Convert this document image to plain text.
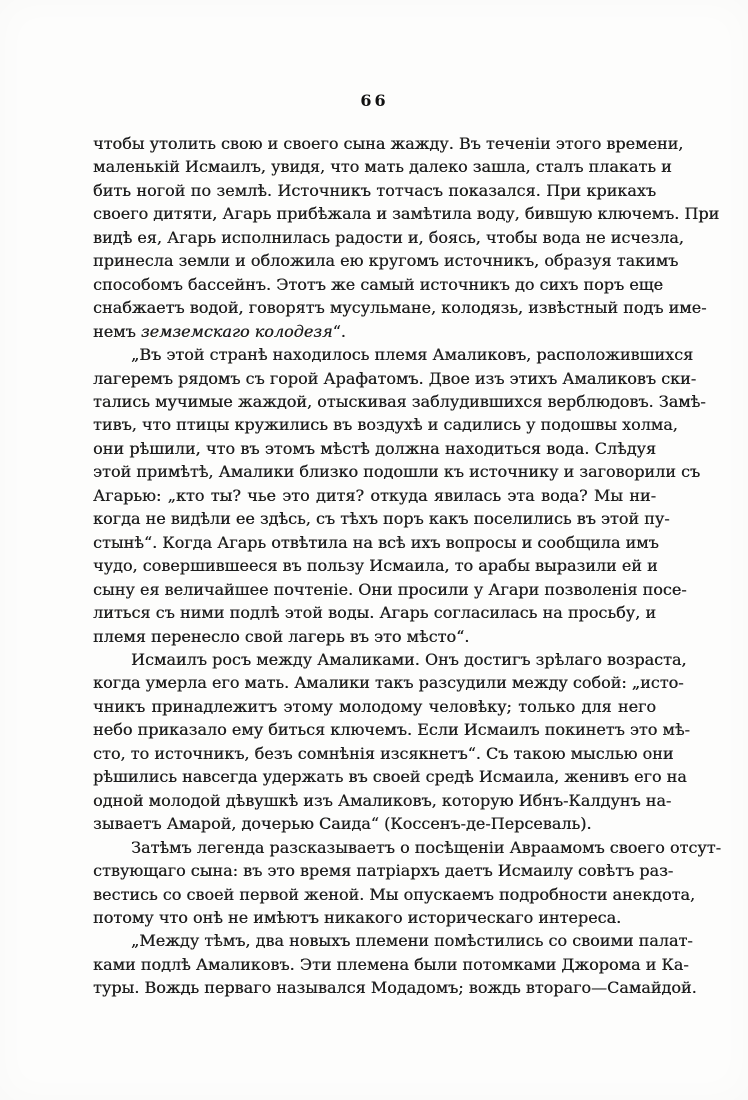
66
чтобы утолить свою и своего сына жажду. Въ теченіи этого времени,
маленькій Исмаилъ, увидя, что мать далеко зашла, сталъ плакать и
бить ногой по землѣ. Источникъ тотчасъ показался. При крикахъ
своего дитяти, Агарь прибѣжала и замѣтила воду, бившую ключемъ. При
видѣ ея, Агарь исполнилась радости и, боясь, чтобы вода не исчезла,
принесла земли и обложила ею кругомъ источникъ, образуя такимъ
способомъ бассейнъ. Этотъ же самый источникъ до сихъ поръ еще
снабжаетъ водой, говорятъ мусульмане, колодязь, извѣстный подъ име-
немъ земземскаго колодезя“.
„Въ этой странѣ находилось племя Амаликовъ, расположившихся
лагеремъ рядомъ съ горой Арафатомъ. Двое изъ этихъ Амаликовъ ски-
тались мучимые жаждой, отыскивая заблудившихся верблюдовъ. Замѣ-
тивъ, что птицы кружились въ воздухѣ и садились у подошвы холма,
они рѣшили, что въ этомъ мѣстѣ должна находиться вода. Слѣдуя
этой примѣтѣ, Амалики близко подошли къ источнику и заговорили съ
Агарью: „кто ты? чье это дитя? откуда явилась эта вода? Мы ни-
когда не видѣли ее здѣсь, съ тѣхъ поръ какъ поселились въ этой пу-
стынѣ“. Когда Агарь отвѣтила на всѣ ихъ вопросы и сообщила имъ
чудо, совершившееся въ пользу Исмаила, то арабы выразили ей и
сыну ея величайшее почтеніе. Они просили у Агари позволенія посе-
литься съ ними подлѣ этой воды. Агарь согласилась на просьбу, и
племя перенесло свой лагерь въ это мѣсто“.
Исмаилъ росъ между Амаликами. Онъ достигъ зрѣлаго возраста,
когда умерла его мать. Амалики такъ разсудили между собой: „исто-
чникъ принадлежитъ этому молодому человѣку; только для него
небо приказало ему биться ключемъ. Если Исмаилъ покинетъ это мѣ-
сто, то источникъ, безъ сомнѣнія изсякнетъ“. Съ такою мыслью они
рѣшились навсегда удержать въ своей средѣ Исмаила, женивъ его на
одной молодой дѣвушкѣ изъ Амаликовъ, которую Ибнъ-Калдунъ на-
зываетъ Амарой, дочерью Саида“ (Коссенъ-де-Персеваль).
Затѣмъ легенда разсказываетъ о посѣщеніи Авраамомъ своего отсут-
ствующаго сына: въ это время патріархъ даетъ Исмаилу совѣтъ раз-
вестись со своей первой женой. Мы опускаемъ подробности анекдота,
потому что онѣ не имѣютъ никакого историческаго интереса.
„Между тѣмъ, два новыхъ племени помѣстились со своими палат-
ками подлѣ Амаликовъ. Эти племена были потомками Джорома и Ка-
туры. Вождь перваго назывался Модадомъ; вождь втораго—Самайдой.
